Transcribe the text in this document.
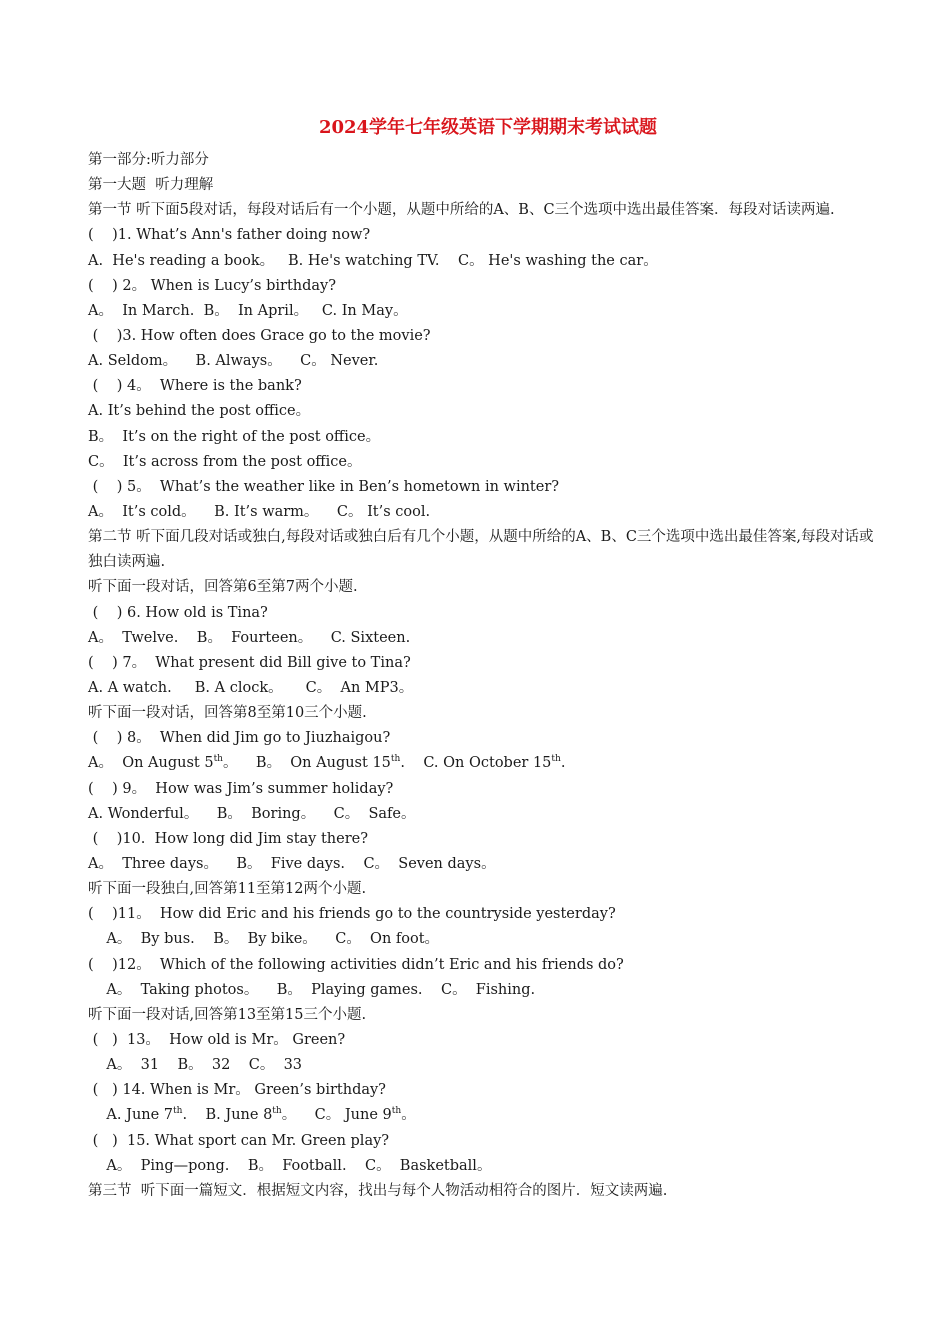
2024学年七年级英语下学期期末考试试题
第一部分:听力部分
第一大题  听力理解
第一节 听下面5段对话，每段对话后有一个小题，从题中所给的A、B、C三个选项中选出最佳答案．每段对话读两遍.
(    )1. What’s Ann's father doing now?
A.  He's reading a book。   B. He's watching TV.    C。 He's washing the car。
(    ) 2。 When is Lucy’s birthday?
A。  In March.  B。  In April。   C. In May。
(    )3. How often does Grace go to the movie?
A. Seldom。    B. Always。    C。 Never.
(    ) 4。  Where is the bank?
A. It’s behind the post office。
B。  It’s on the right of the post office。
C。  It’s across from the post office。
(    ) 5。  What’s the weather like in Ben’s hometown in winter?
A。  It’s cold。    B. It’s warm。    C。 It’s cool.
第二节 听下面几段对话或独白,每段对话或独白后有几个小题，从题中所给的A、B、C三个选项中选出最佳答案,每段对话或独白读两遍.
听下面一段对话，回答第6至第7两个小题.
(    ) 6. How old is Tina?
A。  Twelve.    B。  Fourteen。    C. Sixteen.
(    ) 7。  What present did Bill give to Tina?
A. A watch.     B. A clock。     C。  An MP3。
听下面一段对话，回答第8至第10三个小题.
(    ) 8。  When did Jim go to Jiuzhaigou?
A。  On August 5th。    B。  On August 15th.    C. On October 15th.
(    ) 9。  How was Jim’s summer holiday?
A. Wonderful。    B。  Boring。    C。  Safe。
(    )10.  How long did Jim stay there?
A。  Three days。    B。  Five days.    C。  Seven days。
听下面一段独白,回答第11至第12两个小题.
(    )11。  How did Eric and his friends go to the countryside yesterday?
A。  By bus.    B。  By bike。    C。  On foot。
(    )12。  Which of the following activities didn’t Eric and his friends do?
A。  Taking photos。    B。  Playing games.    C。  Fishing.
听下面一段对话,回答第13至第15三个小题.
(   )  13。  How old is Mr。 Green?
A。  31    B。  32    C。  33
(   ) 14. When is Mr。 Green’s birthday?
A. June 7th.    B. June 8th。    C。 June 9th。
(   )  15. What sport can Mr. Green play?
A。  Ping—pong.    B。  Football.    C。  Basketball。
第三节  听下面一篇短文．根据短文内容，找出与每个人物活动相符合的图片．短文读两遍.
